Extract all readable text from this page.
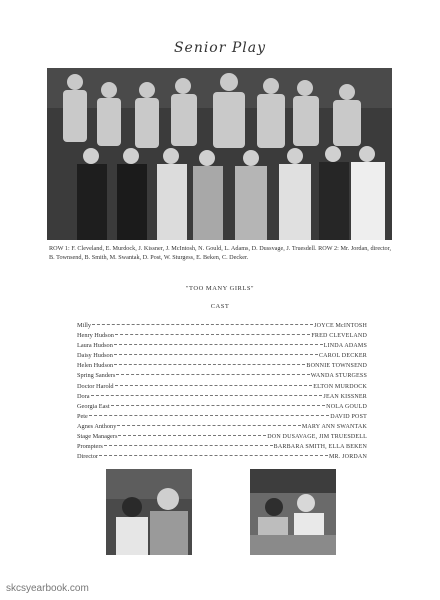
Senior Play
ROW 1: F. Cleveland, E. Murdock, J. Kissner, J. McIntosh, N. Gould, L. Adams, D. Dussvage, J. Truesdell. ROW 2: Mr. Jordan, director, B. Townsend, B. Smith, M. Swantak, D. Post, W. Sturgess, E. Beken, C. Decker.
"TOO MANY GIRLS"
CAST
Milly	JOYCE McINTOSH
Henry Hudson	FRED CLEVELAND
Laura Hudson	LINDA ADAMS
Daisy Hudson	CAROL DECKER
Helen Hudson	BONNIE TOWNSEND
Spring Sanders	WANDA STURGESS
Doctor Harold	ELTON MURDOCK
Dora	JEAN KISSNER
Georgia East	NOLA GOULD
Pete	DAVID POST
Agnes Anthony	MARY ANN SWANTAK
Stage Managers	DON DUSAVAGE, JIM TRUESDELL
Prompters	BARBARA SMITH, ELLA BEKEN
Director	MR. JORDAN
skcsyearbook.com
